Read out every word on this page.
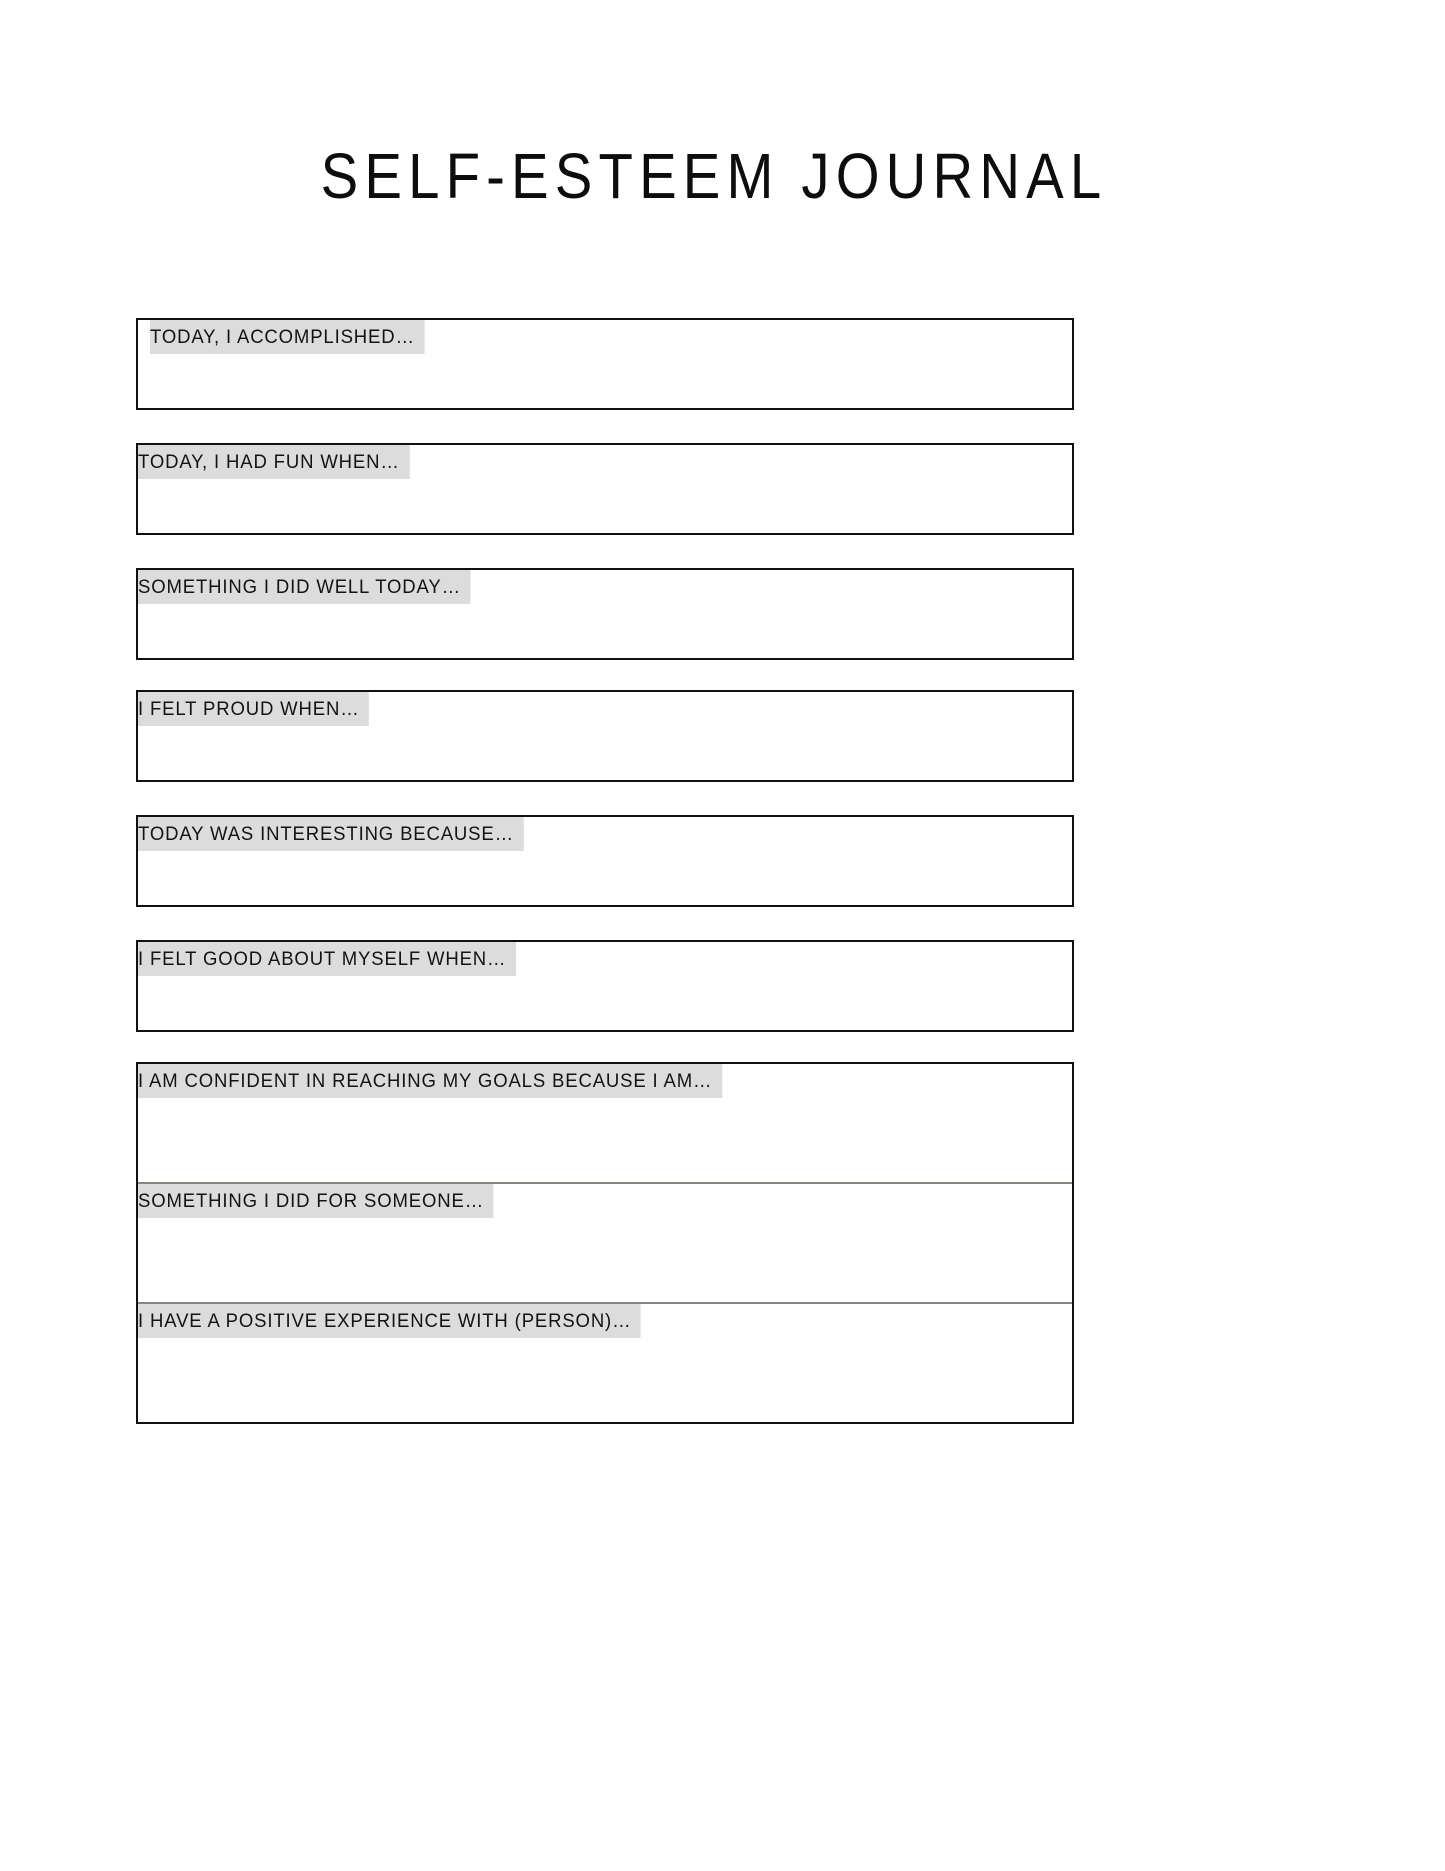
SELF-ESTEEM JOURNAL
TODAY, I ACCOMPLISHED…
TODAY, I HAD FUN WHEN…
SOMETHING I DID WELL TODAY…
I FELT PROUD WHEN…
TODAY WAS INTERESTING BECAUSE…
I FELT GOOD ABOUT MYSELF WHEN…
I AM CONFIDENT IN REACHING MY GOALS BECAUSE I AM…
SOMETHING I DID FOR SOMEONE…
I HAVE A POSITIVE EXPERIENCE WITH (PERSON)…
